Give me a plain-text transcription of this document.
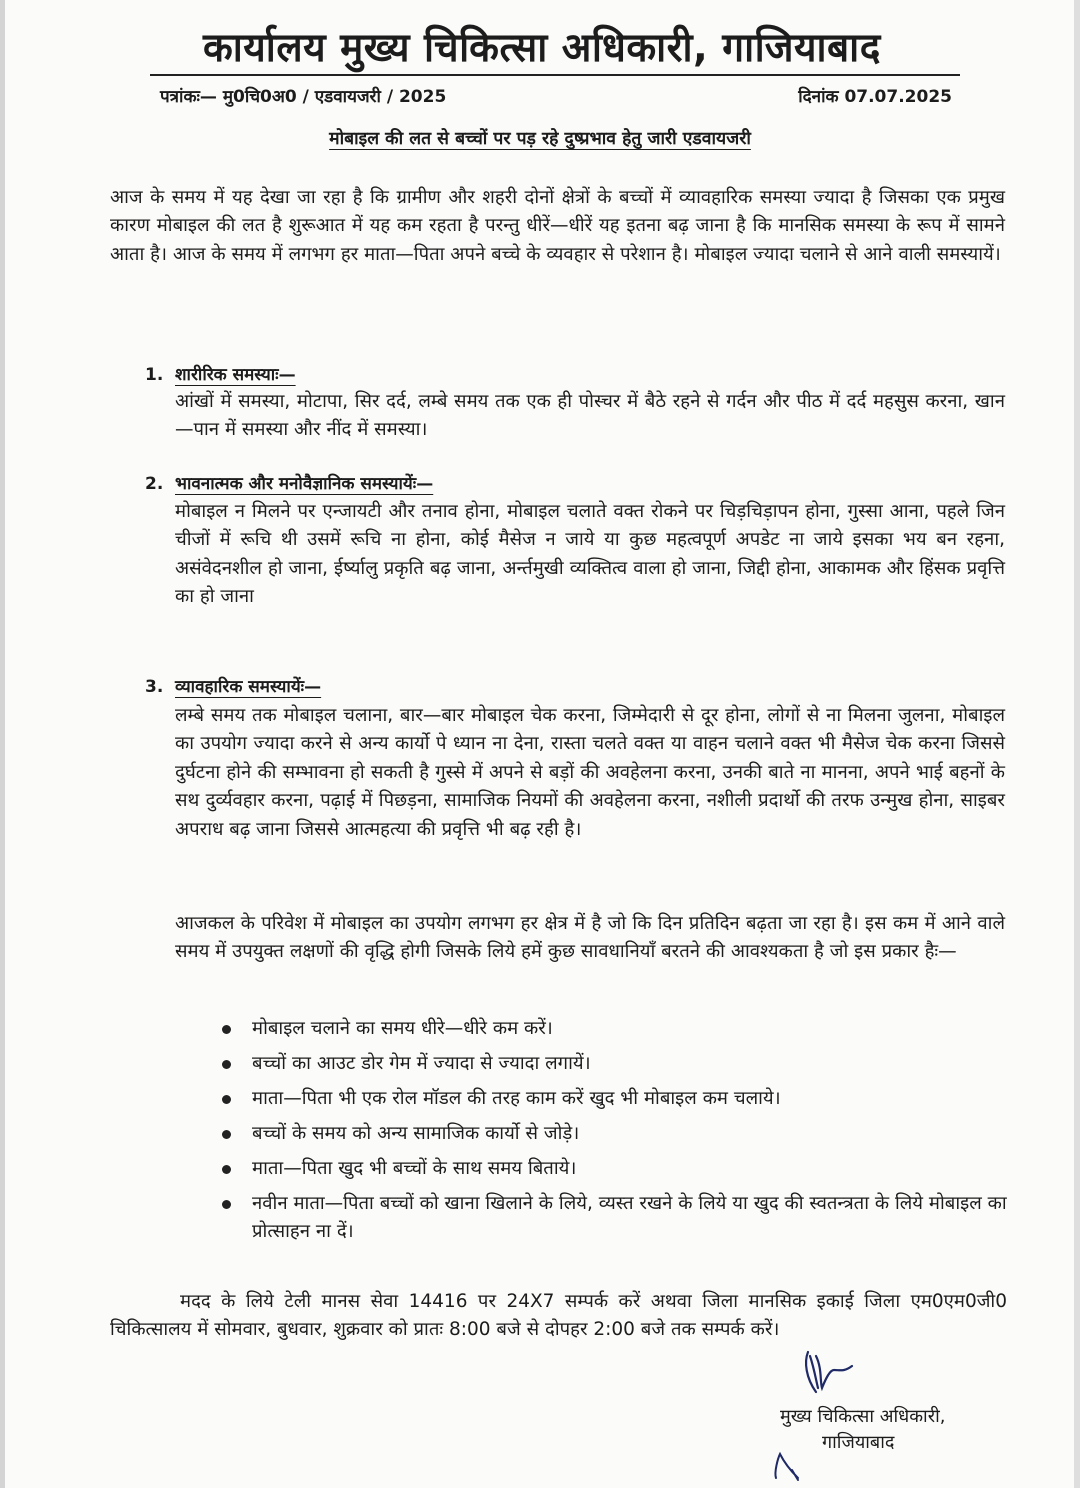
कार्यालय मुख्य चिकित्सा अधिकारी, गाजियाबाद
पत्रांकः— मु0चि0अ0 / एडवायजरी / 2025	दिनांक 07.07.2025
मोबाइल की लत से बच्चों पर पड़ रहे दुष्प्रभाव हेतु जारी एडवायजरी
आज के समय में यह देखा जा रहा है कि ग्रामीण और शहरी दोनों क्षेत्रों के बच्चों में व्यावहारिक समस्या ज्यादा है जिसका एक प्रमुख कारण मोबाइल की लत है शुरूआत में यह कम रहता है परन्तु धीरें—धीरें यह इतना बढ़ जाना है कि मानसिक समस्या के रूप में सामने आता है। आज के समय में लगभग हर माता—पिता अपने बच्चे के व्यवहार से परेशान है। मोबाइल ज्यादा चलाने से आने वाली समस्यायें।
1. शारीरिक समस्याः—
आंखों में समस्या, मोटापा, सिर दर्द, लम्बे समय तक एक ही पोस्चर में बैठे रहने से गर्दन और पीठ में दर्द महसुस करना, खान—पान में समस्या और नींद में समस्या।
2. भावनात्मक और मनोवैज्ञानिक समस्यायेंः—
मोबाइल न मिलने पर एन्जायटी और तनाव होना, मोबाइल चलाते वक्त रोकने पर चिड़चिड़ापन होना, गुस्सा आना, पहले जिन चीजों में रूचि थी उसमें रूचि ना होना, कोई मैसेज न जाये या कुछ महत्वपूर्ण अपडेट ना जाये इसका भय बन रहना, असंवेदनशील हो जाना, ईर्ष्यालु प्रकृति बढ़ जाना, अर्न्तमुखी व्यक्तित्व वाला हो जाना, जिद्दी होना, आकामक और हिंसक प्रवृत्ति का हो जाना
3. व्यावहारिक समस्यायेंः—
लम्बे समय तक मोबाइल चलाना, बार—बार मोबाइल चेक करना, जिम्मेदारी से दूर होना, लोगों से ना मिलना जुलना, मोबाइल का उपयोग ज्यादा करने से अन्य कार्यो पे ध्यान ना देना, रास्ता चलते वक्त या वाहन चलाने वक्त भी मैसेज चेक करना जिससे दुर्घटना होने की सम्भावना हो सकती है गुस्से में अपने से बड़ों की अवहेलना करना, उनकी बाते ना मानना, अपने भाई बहनों के सथ दुर्व्यवहार करना, पढ़ाई में पिछड़ना, सामाजिक नियमों की अवहेलना करना, नशीली प्रदार्थो की तरफ उन्मुख होना, साइबर अपराध बढ़ जाना जिससे आत्महत्या की प्रवृत्ति भी बढ़ रही है।
आजकल के परिवेश में मोबाइल का उपयोग लगभग हर क्षेत्र में है जो कि दिन प्रतिदिन बढ़ता जा रहा है। इस कम में आने वाले समय में उपयुक्त लक्षणों की वृद्धि होगी जिसके लिये हमें कुछ सावधानियाँ बरतने की आवश्यकता है जो इस प्रकार हैः—
मोबाइल चलाने का समय धीरे—धीरे कम करें।
बच्चों का आउट डोर गेम में ज्यादा से ज्यादा लगायें।
माता—पिता भी एक रोल मॉडल की तरह काम करें खुद भी मोबाइल कम चलाये।
बच्चों के समय को अन्य सामाजिक कार्यो से जोड़े।
माता—पिता खुद भी बच्चों के साथ समय बिताये।
नवीन माता—पिता बच्चों को खाना खिलाने के लिये, व्यस्त रखने के लिये या खुद की स्वतन्त्रता के लिये मोबाइल का प्रोत्साहन ना दें।
मदद के लिये टेली मानस सेवा 14416 पर 24X7 सम्पर्क करें अथवा जिला मानसिक इकाई जिला एम0एम0जी0 चिकित्सालय में सोमवार, बुधवार, शुक्रवार को प्रातः 8:00 बजे से दोपहर 2:00 बजे तक सम्पर्क करें।
मुख्य चिकित्सा अधिकारी,
गाजियाबाद
